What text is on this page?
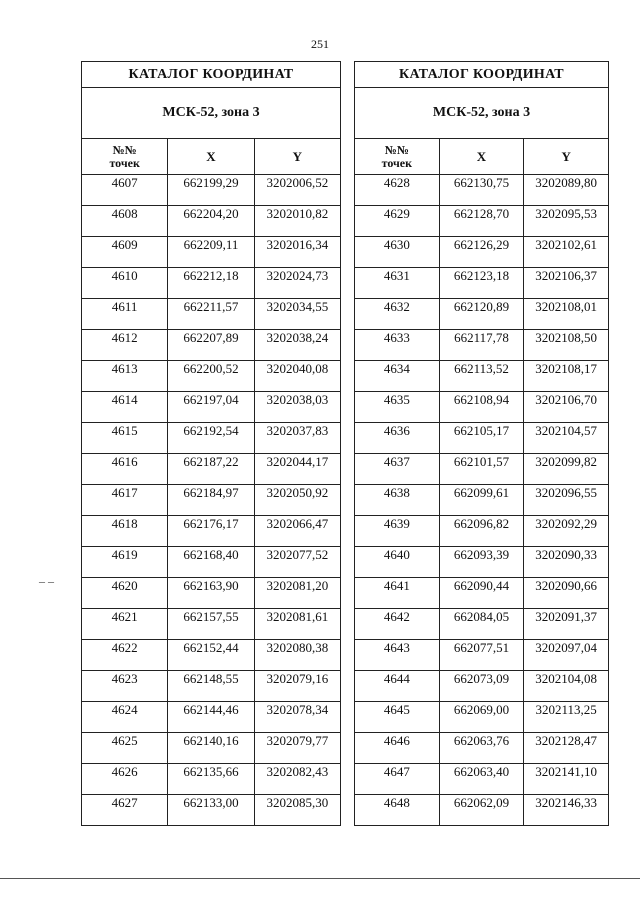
251
КАТАЛОГ КООРДИНАТ		
МСК-52, зона 3		
№№
точек	X	Y

4607	662199,29	3202006,52

4608	662204,20	3202010,82

4609	662209,11	3202016,34

4610	662212,18	3202024,73

4611	662211,57	3202034,55

4612	662207,89	3202038,24

4613	662200,52	3202040,08

4614	662197,04	3202038,03

4615	662192,54	3202037,83

4616	662187,22	3202044,17

4617	662184,97	3202050,92

4618	662176,17	3202066,47

4619	662168,40	3202077,52

4620	662163,90	3202081,20

4621	662157,55	3202081,61

4622	662152,44	3202080,38

4623	662148,55	3202079,16

4624	662144,46	3202078,34

4625	662140,16	3202079,77

4626	662135,66	3202082,43

4627	662133,00	3202085,30
КАТАЛОГ КООРДИНАТ		
МСК-52, зона 3		
№№
точек	X	Y

4628	662130,75	3202089,80

4629	662128,70	3202095,53

4630	662126,29	3202102,61

4631	662123,18	3202106,37

4632	662120,89	3202108,01

4633	662117,78	3202108,50

4634	662113,52	3202108,17

4635	662108,94	3202106,70

4636	662105,17	3202104,57

4637	662101,57	3202099,82

4638	662099,61	3202096,55

4639	662096,82	3202092,29

4640	662093,39	3202090,33

4641	662090,44	3202090,66

4642	662084,05	3202091,37

4643	662077,51	3202097,04

4644	662073,09	3202104,08

4645	662069,00	3202113,25

4646	662063,76	3202128,47

4647	662063,40	3202141,10

4648	662062,09	3202146,33
– –
